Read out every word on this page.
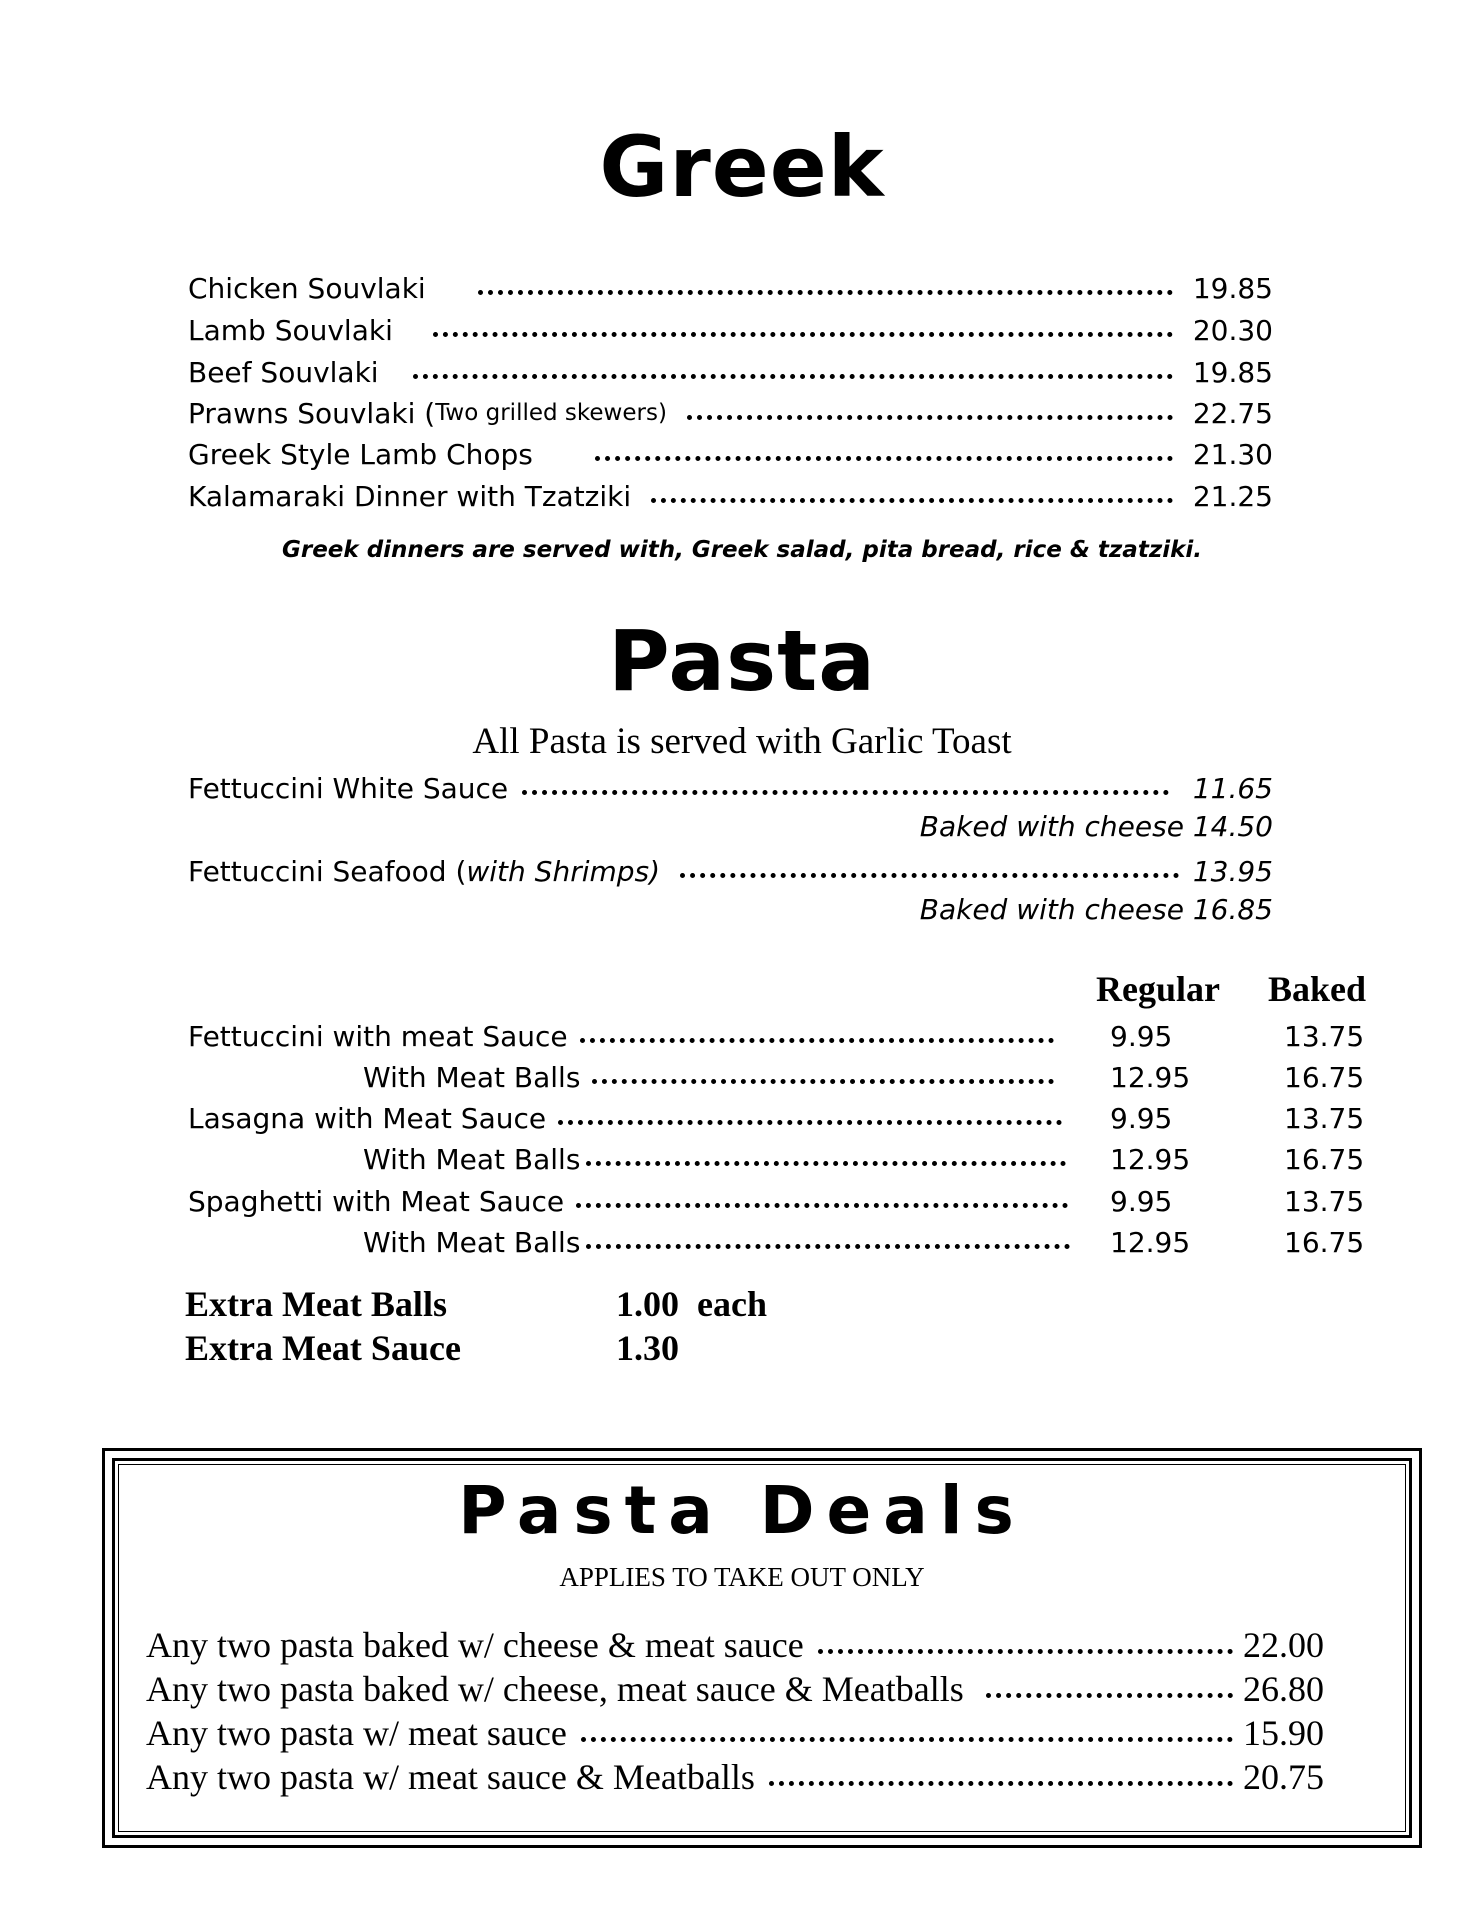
Greek
Chicken Souvlaki	19.85
Lamb Souvlaki	20.30
Beef Souvlaki	19.85
Prawns Souvlaki ( Two grilled skewers)	22.75
Greek Style Lamb Chops	21.30
Kalamaraki Dinner with Tzatziki	21.25
Greek dinners are served with, Greek salad, pita bread, rice & tzatziki.
Pasta
All Pasta is served with Garlic Toast
Fettuccini White Sauce	11.65
Baked with cheese 14.50
Fettuccini Seafood ( with Shrimps)	13.95
Baked with cheese 16.85
Regular Baked
Fettuccini with meat Sauce	9.95	13.75
With Meat Balls	12.95	16.75
Lasagna with Meat Sauce	9.95	13.75
With Meat Balls	12.95	16.75
Spaghetti with Meat Sauce	9.95	13.75
With Meat Balls	12.95	16.75
Extra Meat Balls	1.00  each
Extra Meat Sauce	1.30
Pasta Deals
APPLIES TO TAKE OUT ONLY
Any two pasta baked w/ cheese & meat sauce	22.00
Any two pasta baked w/ cheese, meat sauce & Meatballs	26.80
Any two pasta w/ meat sauce	15.90
Any two pasta w/ meat sauce & Meatballs	20.75
